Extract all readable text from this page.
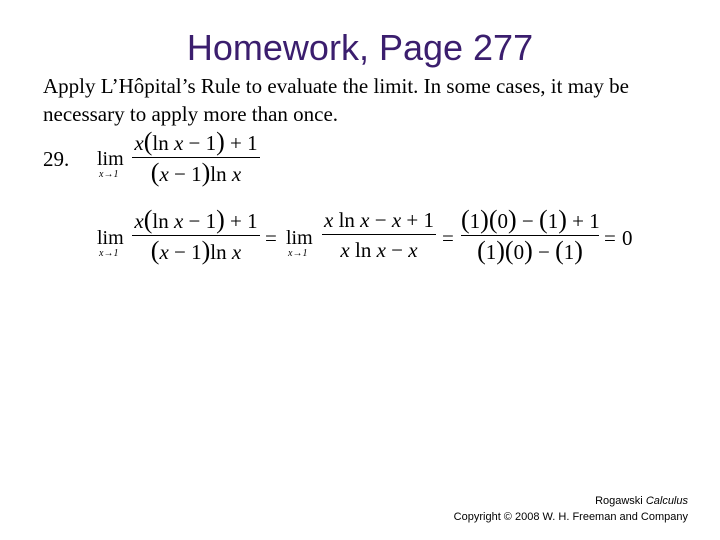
Homework, Page 277
Apply L’Hôpital’s Rule to evaluate the limit. In some cases, it may be necessary to apply more than once.
29. lim
x→1
x(ln x − 1) + 1
(x − 1)ln x
lim
x→1
x(ln x − 1) + 1
(x − 1)ln x
= lim
x→1
x ln x − x + 1
x ln x − x	=
(1)(0) − (1) + 1
(1)(0) − (1)	= 0
Rogawski Calculus
Copyright © 2008 W. H. Freeman and Company
